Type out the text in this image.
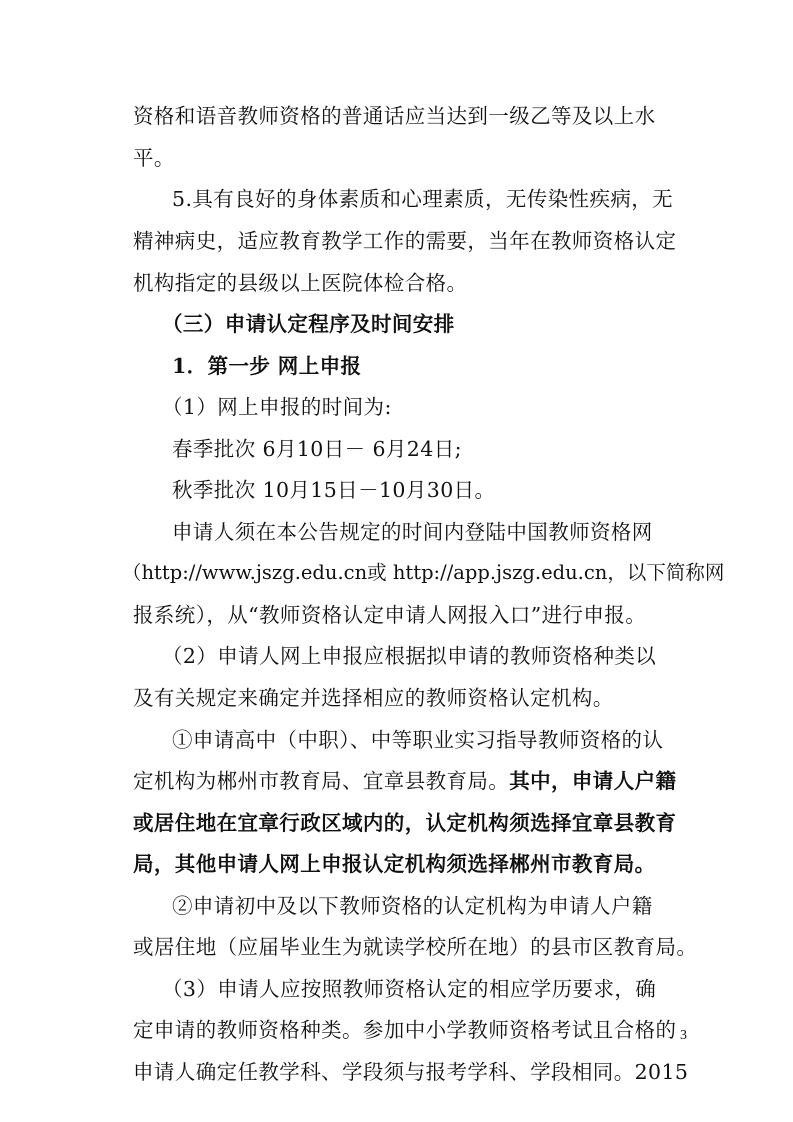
资格和语音教师资格的普通话应当达到一级乙等及以上水
平。
5.具有良好的身体素质和心理素质，无传染性疾病，无
精神病史，适应教育教学工作的需要，当年在教师资格认定
机构指定的县级以上医院体检合格。
（三）申请认定程序及时间安排
1．第一步 网上申报
（1）网上申报的时间为:
春季批次 6月10日－ 6月24日;
秋季批次 10月15日－10月30日。
申请人须在本公告规定的时间内登陆中国教师资格网
（http://www.jszg.edu.cn或 http://app.jszg.edu.cn，以下简称网
报系统），从“教师资格认定申请人网报入口”进行申报。
（2）申请人网上申报应根据拟申请的教师资格种类以
及有关规定来确定并选择相应的教师资格认定机构。
①申请高中（中职）、中等职业实习指导教师资格的认
定机构为郴州市教育局、宜章县教育局。其中，申请人户籍
或居住地在宜章行政区域内的，认定机构须选择宜章县教育
局，其他申请人网上申报认定机构须选择郴州市教育局。
②申请初中及以下教师资格的认定机构为申请人户籍
或居住地（应届毕业生为就读学校所在地）的县市区教育局。
（3）申请人应按照教师资格认定的相应学历要求，确
定申请的教师资格种类。参加中小学教师资格考试且合格的
申请人确定任教学科、学段须与报考学科、学段相同。2015
3
